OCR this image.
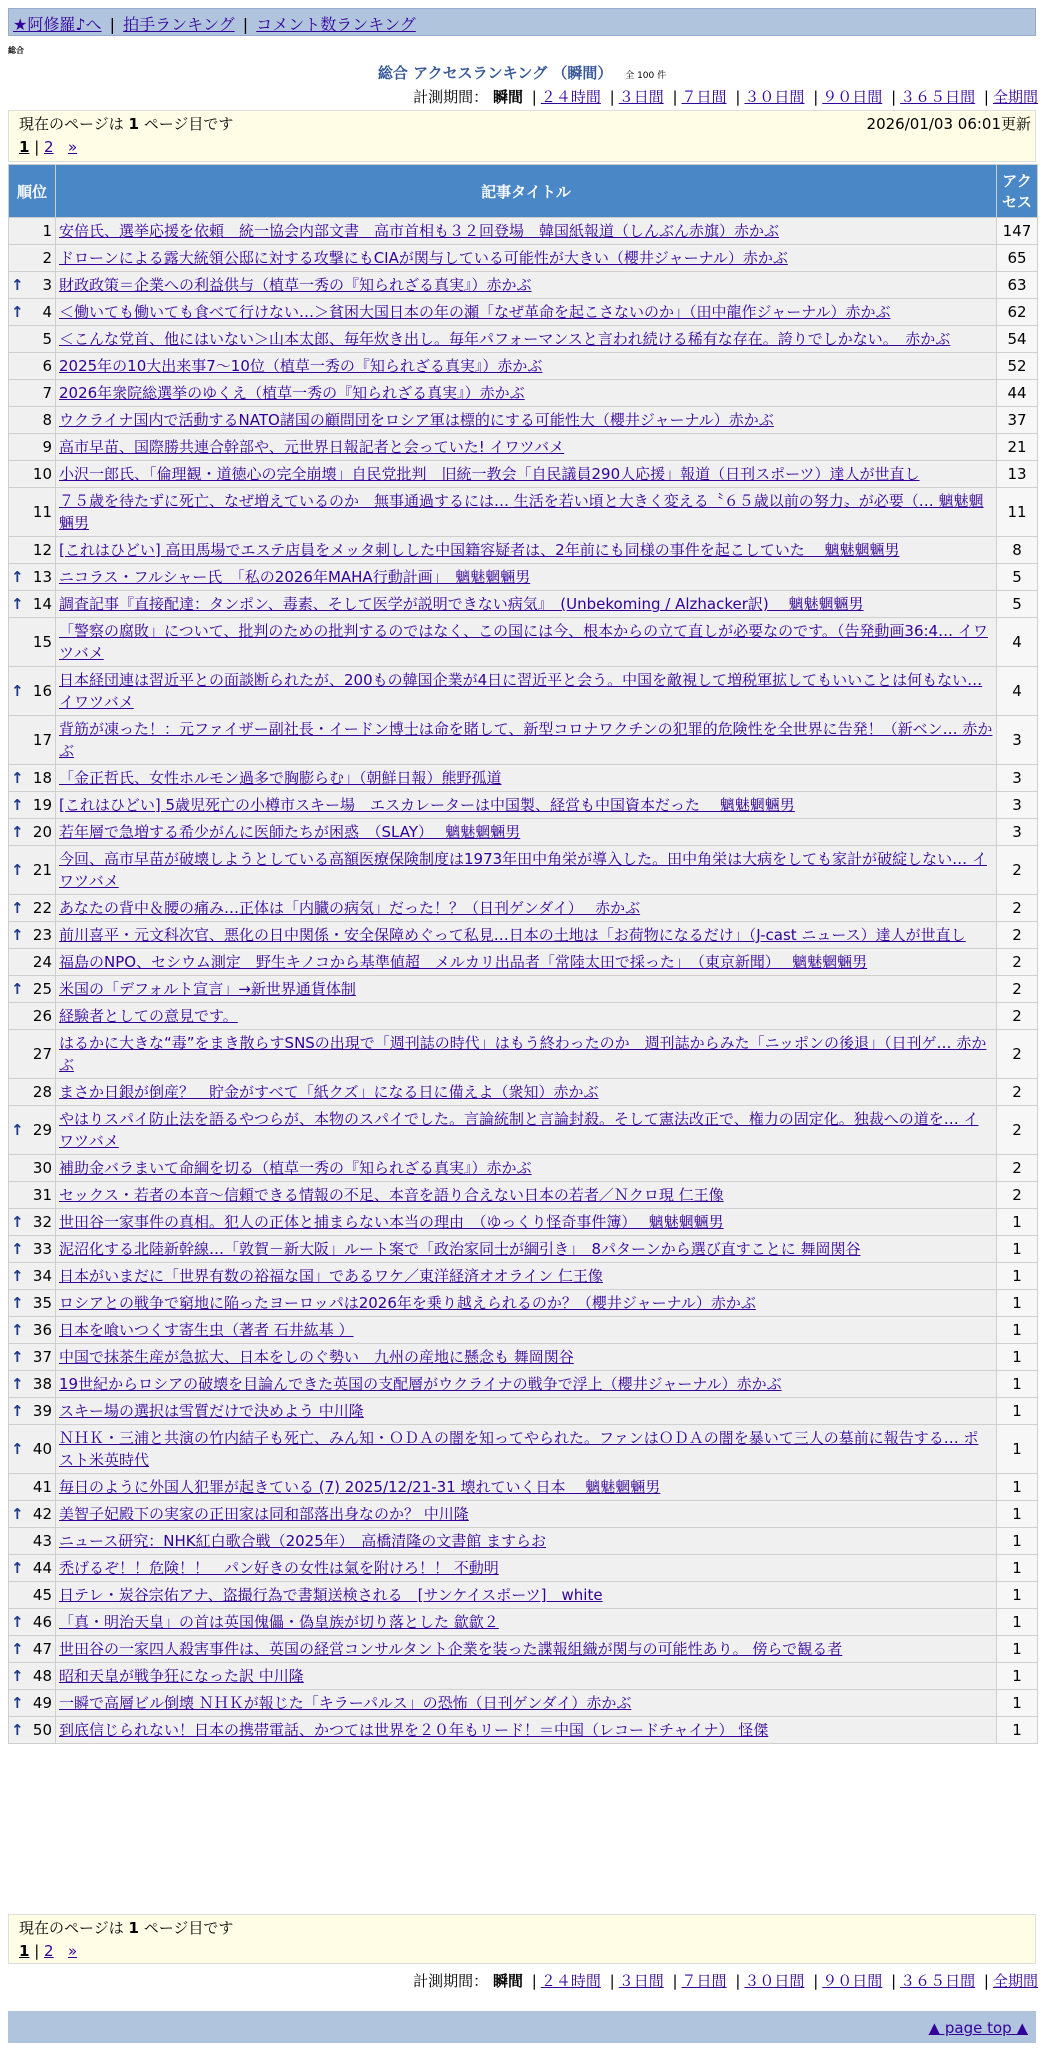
★阿修羅♪へ | 拍手ランキング | コメント数ランキング
総合
総合 アクセスランキング （瞬間） 全 100 件
計測期間： 瞬間 | ２４時間 | ３日間 | ７日間 | ３０日間 | ９０日間 | ３６５日間 | 全期間
現在のページは 1 ページ目です	2026/01/03 06:01更新
1 | 2 »
順位	記事タイトル	アクセス
1	安倍氏、選挙応援を依頼　統一協会内部文書　高市首相も３２回登場　韓国紙報道（しんぶん赤旗）赤かぶ	147
2	ドローンによる露大統領公邸に対する攻撃にもCIAが関与している可能性が大きい（櫻井ジャーナル）赤かぶ	65

↑ 3	財政政策＝企業への利益供与（植草一秀の『知られざる真実』）赤かぶ	63

↑ 4	＜働いても働いても食べて行けない…＞貧困大国日本の年の瀬「なぜ革命を起こさないのか」（田中龍作ジャーナル）赤かぶ	62
5	＜こんな党首、他にはいない＞山本太郎、毎年炊き出し。毎年パフォーマンスと言われ続ける稀有な存在。誇りでしかない。　赤かぶ	54
6	2025年の10大出来事7～10位（植草一秀の『知られざる真実』）赤かぶ	52
7	2026年衆院総選挙のゆくえ（植草一秀の『知られざる真実』）赤かぶ	44
8	ウクライナ国内で活動するNATO諸国の顧問団をロシア軍は標的にする可能性大（櫻井ジャーナル）赤かぶ	37
9	高市早苗、国際勝共連合幹部や、元世界日報記者と会っていた! イワツバメ	21
10	小沢一郎氏、「倫理観・道徳心の完全崩壊」自民党批判　旧統一教会「自民議員290人応援」報道（日刊スポーツ）達人が世直し	13
11	７５歳を待たずに死亡、なぜ増えているのか　無事通過するには… 生活を若い頃と大きく変える〝６５歳以前の努力〟が必要（… 魑魅魍魎男	11
12	[これはひどい] 高田馬場でエステ店員をメッタ刺しした中国籍容疑者は、2年前にも同様の事件を起こしていた　 魑魅魍魎男	8

↑ 13	ニコラス・フルシャー氏　「私の2026年MAHA行動計画」　魑魅魍魎男	5

↑ 14	調査記事『直接配達：タンポン、毒素、そして医学が説明できない病気』　(Unbekoming / Alzhacker訳)　 魑魅魍魎男	5
15	「警察の腐敗」について、批判のための批判するのではなく、この国には今、根本からの立て直しが必要なのです。（告発動画36:4… イワツバメ	4

↑ 16	日本経団連は習近平との面談断られたが、200もの韓国企業が4日に習近平と会う。中国を敵視して増税軍拡してもいいことは何もない… イワツバメ	4
17	背筋が凍った！：元ファイザー副社長・イードン博士は命を賭して、新型コロナワクチンの犯罪的危険性を全世界に告発！（新ベン… 赤かぶ	3

↑ 18	「金正哲氏、女性ホルモン過多で胸膨らむ」（朝鮮日報）熊野孤道	3

↑ 19	[これはひどい] 5歳児死亡の小樽市スキー場　エスカレーターは中国製、経営も中国資本だった　 魑魅魍魎男	3

↑ 20	若年層で急増する希少がんに医師たちが困惑　（SLAY）　 魑魅魍魎男	3

↑ 21	今回、高市早苗が破壊しようとしている高額医療保険制度は1973年田中角栄が導入した。田中角栄は大病をしても家計が破綻しない… イワツバメ	2

↑ 22	あなたの背中＆腰の痛み…正体は「内臓の病気」だった！？（日刊ゲンダイ）　 赤かぶ	2

↑ 23	前川喜平・元文科次官、悪化の日中関係・安全保障めぐって私見…日本の土地は「お荷物になるだけ」（J-cast ニュース）達人が世直し	2
24	福島のNPO、セシウム測定　野生キノコから基準値超　メルカリ出品者「常陸太田で採った」　（東京新聞）　 魑魅魍魎男	2

↑ 25	米国の「デフォルト宣言」→新世界通貨体制	2
26	経験者としての意見です。	2
27	はるかに大きな“毒”をまき散らすSNSの出現で「週刊誌の時代」はもう終わったのか　週刊誌からみた「ニッポンの後退」（日刊ゲ… 赤かぶ	2
28	まさか日銀が倒産？　貯金がすべて「紙クズ」になる日に備えよ（衆知）赤かぶ	2

↑ 29	やはりスパイ防止法を語るやつらが、本物のスパイでした。言論統制と言論封殺。そして憲法改正で、権力の固定化。独裁への道を… イワツバメ	2
30	補助金バラまいて命綱を切る（植草一秀の『知られざる真実』）赤かぶ	2
31	セックス・若者の本音～信頼できる情報の不足、本音を語り合えない日本の若者／Ｎクロ現 仁王像	2

↑ 32	世田谷一家事件の真相。犯人の正体と捕まらない本当の理由　（ゆっくり怪奇事件簿）　 魑魅魍魎男	1

↑ 33	泥沼化する北陸新幹線…「敦賀－新大阪」ルート案で「政治家同士が綱引き」　8パターンから選び直すことに 舞岡関谷	1

↑ 34	日本がいまだに「世界有数の裕福な国」であるワケ／東洋経済オオライン 仁王像	1

↑ 35	ロシアとの戦争で窮地に陥ったヨーロッパは2026年を乗り越えられるのか？（櫻井ジャーナル）赤かぶ	1

↑ 36	日本を喰いつくす寄生虫（著者 石井紘基 ）	1

↑ 37	中国で抹茶生産が急拡大、日本をしのぐ勢い　九州の産地に懸念も 舞岡関谷	1

↑ 38	19世紀からロシアの破壊を目論んできた英国の支配層がウクライナの戦争で浮上（櫻井ジャーナル）赤かぶ	1

↑ 39	スキー場の選択は雪質だけで決めよう 中川隆	1

↑ 40	ＮＨＫ・三浦と共演の竹内結子も死亡、みん知・ＯＤＡの闇を知ってやられた。ファンはＯＤＡの闇を暴いて三人の墓前に報告する… ポスト米英時代	1
41	毎日のように外国人犯罪が起きている (7) 2025/12/21-31 壊れていく日本　 魑魅魍魎男	1

↑ 42	美智子妃殿下の実家の正田家は同和部落出身なのか？ 中川隆	1
43	ニュース研究：NHK紅白歌合戦（2025年）　高橋清隆の文書館 ますらお	1

↑ 44	禿げるぞ！！危険！！　パン好きの女性は氣を附けろ！！ 不動明	1
45	日テレ・炭谷宗佑アナ、盗撮行為で書類送検される　[サンケイスポーツ]　white	1

↑ 46	「真・明治天皇」の首は英国傀儡・偽皇族が切り落とした 歙歙２	1

↑ 47	世田谷の一家四人殺害事件は、英国の経営コンサルタント企業を装った諜報組織が関与の可能性あり。 傍らで観る者	1

↑ 48	昭和天皇が戦争狂になった訳 中川隆	1

↑ 49	一瞬で高層ビル倒壊 ＮＨＫが報じた「キラーパルス」の恐怖（日刊ゲンダイ）赤かぶ	1

↑ 50	到底信じられない！日本の携帯電話、かつては世界を２０年もリード！＝中国（レコードチャイナ） 怪傑	1
現在のページは 1 ページ目です
1 | 2 »
計測期間： 瞬間 | ２４時間 | ３日間 | ７日間 | ３０日間 | ９０日間 | ３６５日間 | 全期間
▲ page top ▲
